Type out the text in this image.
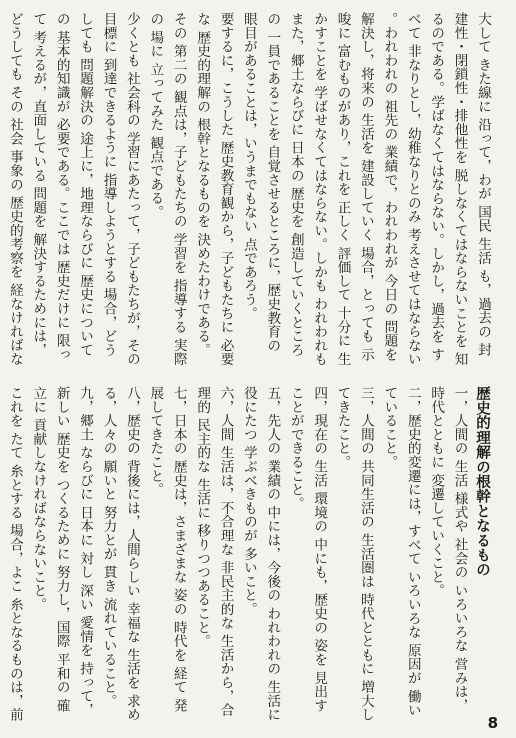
大して きた線に 沿って，わが 国民 生活 も，過去の 封建性・閉鎖性・排他性を 脱しなくてはならないことを 知るのである。学ばなくてはならない。しかし，過去を すべて 非なりとし，幼稚なりとのみ 考えさせてはならない。われわれの 祖先の 業績で，われわれが 今日の 問題を 解決し，将来の 生活を 建設していく 場合，とっても 示唆に 富むものがあり，これを 正しく 評価して 十分に 生かすことを 学ばせなくてはならない。しかも われわれもまた，郷土ならびに 日本の 歴史を 創造していくところの 一員であることを 自覚させるところに，歴史教育の 眼目があることは，いうまでもない 点であろう。

要するに，こうした 歴史教育観から，子どもたちに 必要な 歴史的理解の 根幹となるものを 決めたわけである。

その 第二の 観点は，子どもたちの 学習を 指導する 実際の 場に 立ってみた 観点である。

少くとも 社会科の 学習にあたって，子どもたちが，その 目標に 到達できるように 指導しようとする 場合，どうしても 問題解決の 途上に，地理ならびに 歴史についての 基本的知識が 必要である。ここでは 歴史だけに 限って 考えるが，直面している 問題を 解決するためには，どうしても その 社会 事象の 歴史的考察を 経なければな

歴史的理解の根幹となるもの

一，人間の 生活 様式や 社会の いろいろな 営みは，時代とともに 変遷していくこと。

二，歴史的変遷には，すべて いろいろな 原因が 働いていること。

三，人間の 共同生活の 生活圏は 時代とともに 増大してきたこと。

四，現在の 生活 環境の 中にも，歴史の 姿を 見出すことができること。

五，先人の 業績の 中には，今後の われわれの 生活に 役にたつ 学ぶべきものが 多いこと。

六，人間 生活は，不合理な 非民主的な 生活から，合理的 民主的な 生活に 移りつつあること。

七，日本の 歴史は，さまざまな 姿の 時代を 経て 発展してきたこと。

八，歴史の 背後には，人間らしい 幸福な 生活を 求める，人々の 願いと 努力とが 貫き 流れていること。

九，郷土 ならびに 日本に 対し 深い 愛情を 持って，新しい 歴史を つくるために 努力し，国際 平和の 確立に 貢献しなければならないこと。

これを たて 糸とする 場合，よこ 糸となるものは，前	8
